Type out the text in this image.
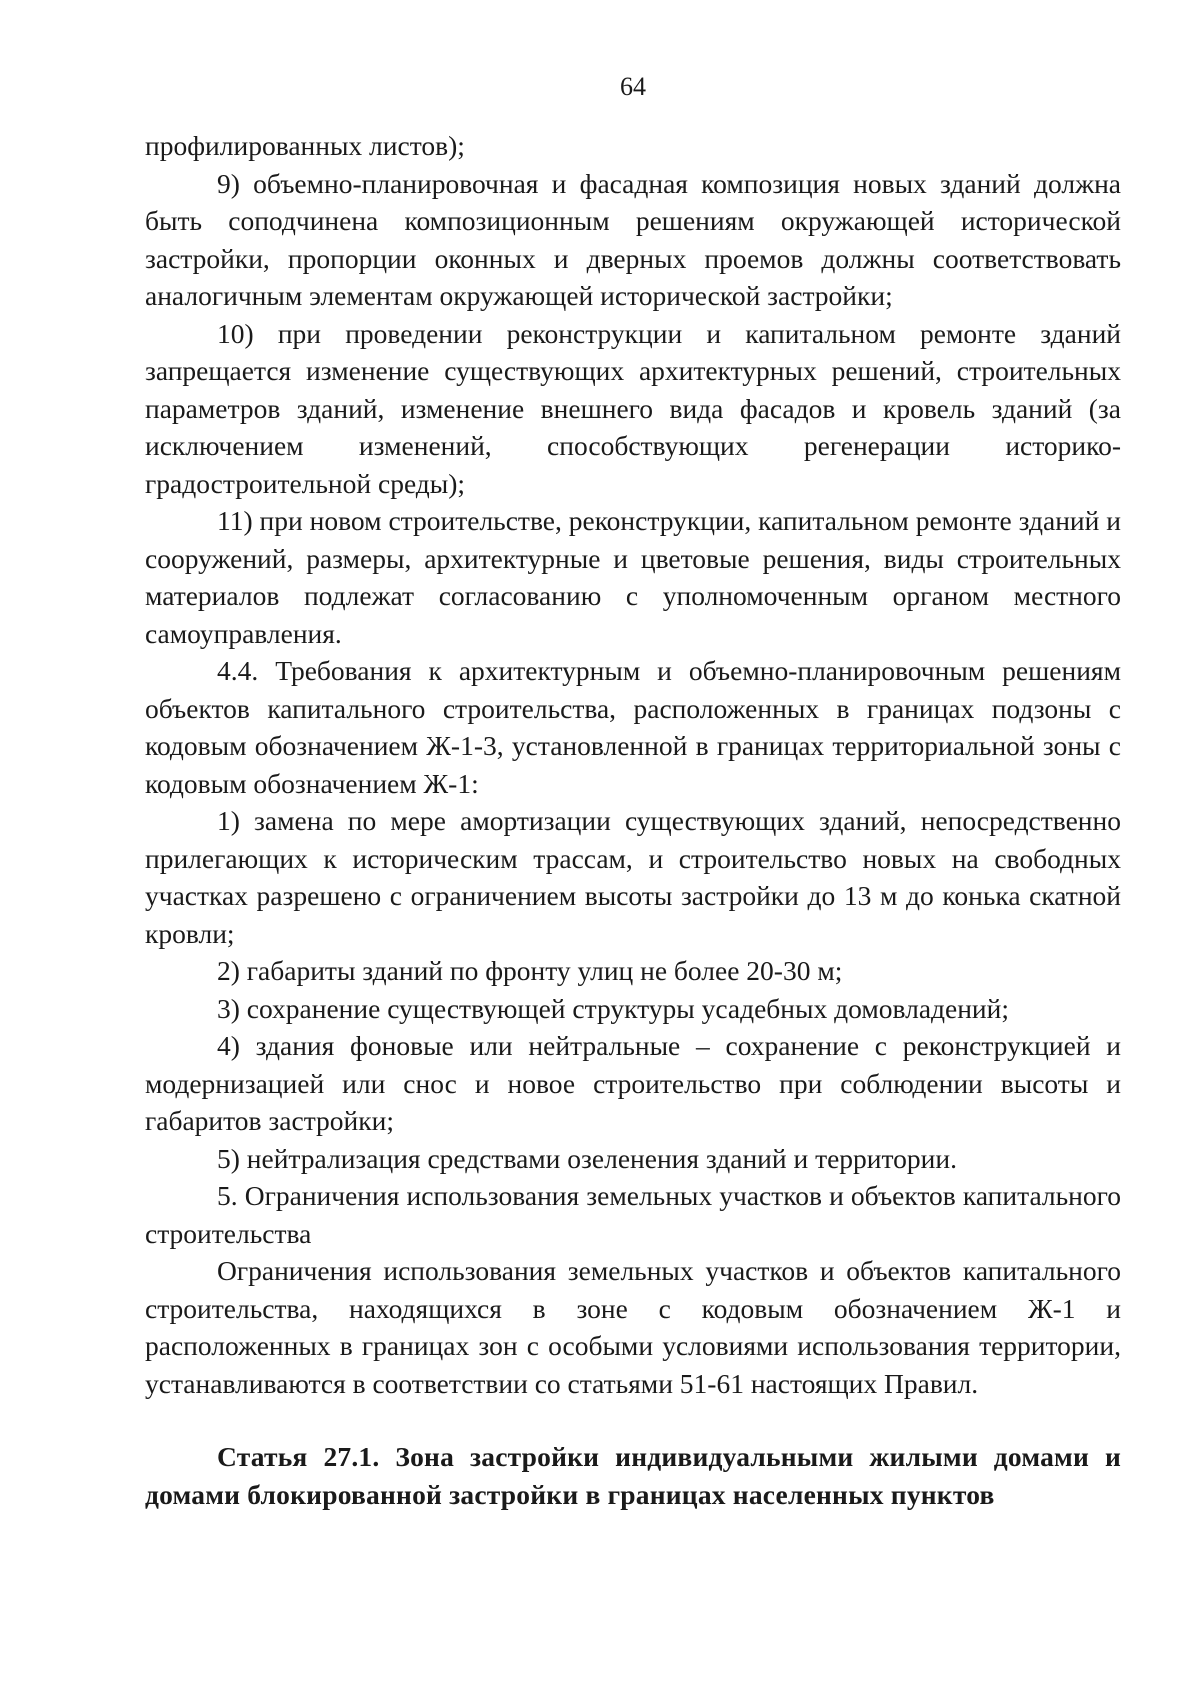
64

профилированных листов);

9) объемно-планировочная и фасадная композиция новых зданий должна быть соподчинена композиционным решениям окружающей исторической застройки, пропорции оконных и дверных проемов должны соответствовать аналогичным элементам окружающей исторической застройки;

10) при проведении реконструкции и капитальном ремонте зданий запрещается изменение существующих архитектурных решений, строительных параметров зданий, изменение внешнего вида фасадов и кровель зданий (за исключением изменений, способствующих регенерации историко-градостроительной среды);

11) при новом строительстве, реконструкции, капитальном ремонте зданий и сооружений, размеры, архитектурные и цветовые решения, виды строительных материалов подлежат согласованию с уполномоченным органом местного самоуправления.

4.4. Требования к архитектурным и объемно-планировочным решениям объектов капитального строительства, расположенных в границах подзоны с кодовым обозначением Ж-1-3, установленной в границах территориальной зоны с кодовым обозначением Ж-1:

1) замена по мере амортизации существующих зданий, непосредственно прилегающих к историческим трассам, и строительство новых на свободных участках разрешено с ограничением высоты застройки до 13 м до конька скатной кровли;

2) габариты зданий по фронту улиц не более 20-30 м;

3) сохранение существующей структуры усадебных домовладений;

4) здания фоновые или нейтральные – сохранение с реконструкцией и модернизацией или снос и новое строительство при соблюдении высоты и габаритов застройки;

5) нейтрализация средствами озеленения зданий и территории.

5. Ограничения использования земельных участков и объектов капитального строительства

Ограничения использования земельных участков и объектов капитального строительства, находящихся в зоне с кодовым обозначением Ж-1 и расположенных в границах зон с особыми условиями использования территории, устанавливаются в соответствии со статьями 51-61 настоящих Правил.

Статья 27.1. Зона застройки индивидуальными жилыми домами и домами блокированной застройки в границах населенных пунктов
